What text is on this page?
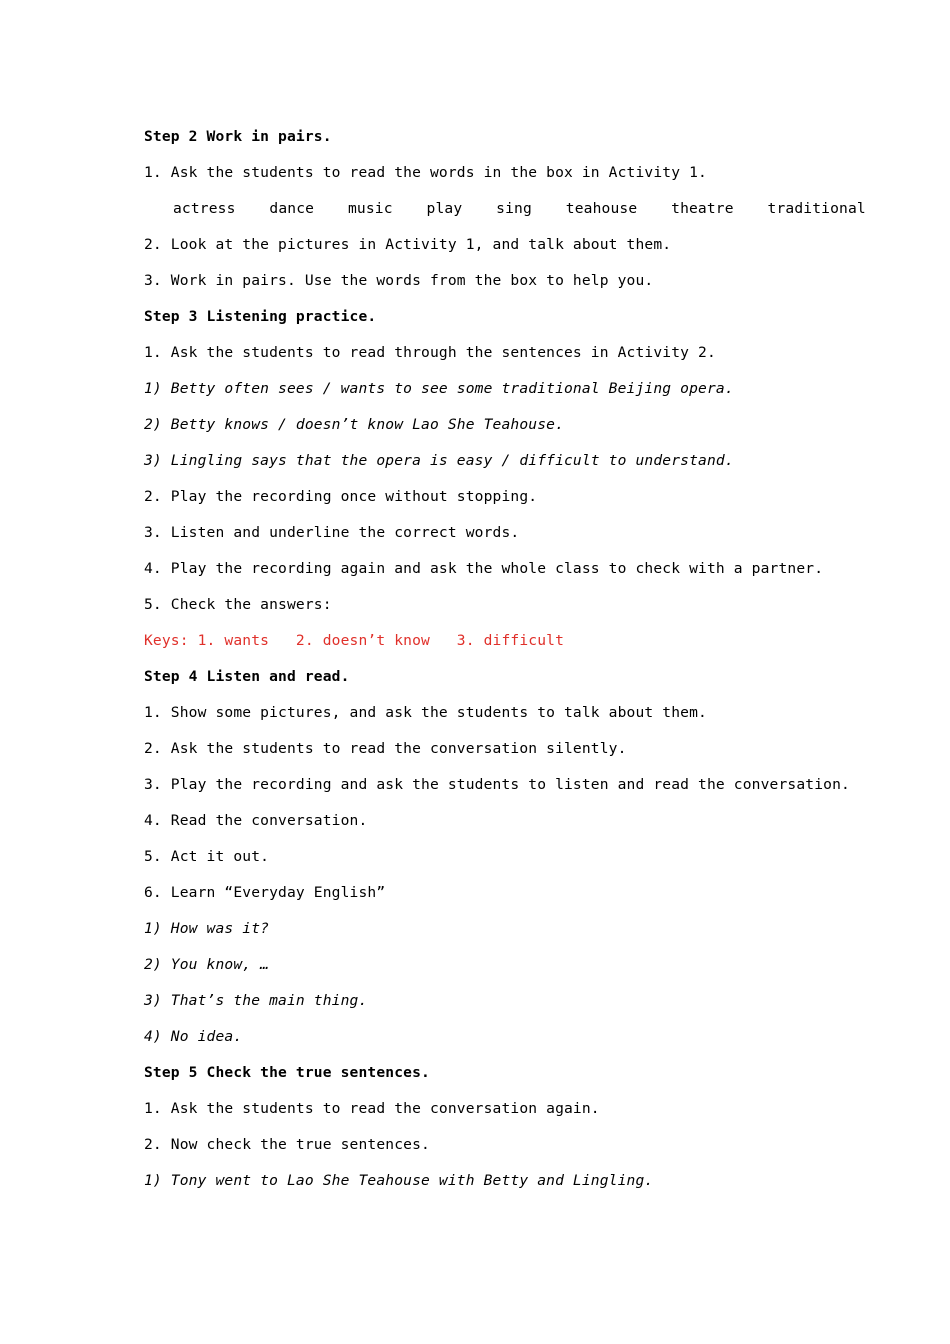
Step 2 Work in pairs.
1. Ask the students to read the words in the box in Activity 1.
actress  dance  music  play  sing  teahouse  theatre  traditional
2. Look at the pictures in Activity 1, and talk about them.
3. Work in pairs. Use the words from the box to help you.
Step 3 Listening practice.
1. Ask the students to read through the sentences in Activity 2.
1) Betty often sees / wants to see some traditional Beijing opera.
2) Betty knows / doesn’t know Lao She Teahouse.
3) Lingling says that the opera is easy / difficult to understand.
2. Play the recording once without stopping.
3. Listen and underline the correct words.
4. Play the recording again and ask the whole class to check with a partner.
5. Check the answers:
Keys: 1. wants   2. doesn’t know   3. difficult
Step 4 Listen and read.
1. Show some pictures, and ask the students to talk about them.
2. Ask the students to read the conversation silently.
3. Play the recording and ask the students to listen and read the conversation.
4. Read the conversation.
5. Act it out.
6. Learn “Everyday English”
1) How was it?
2) You know, …
3) That’s the main thing.
4) No idea.
Step 5 Check the true sentences.
1. Ask the students to read the conversation again.
2. Now check the true sentences.
1) Tony went to Lao She Teahouse with Betty and Lingling.
